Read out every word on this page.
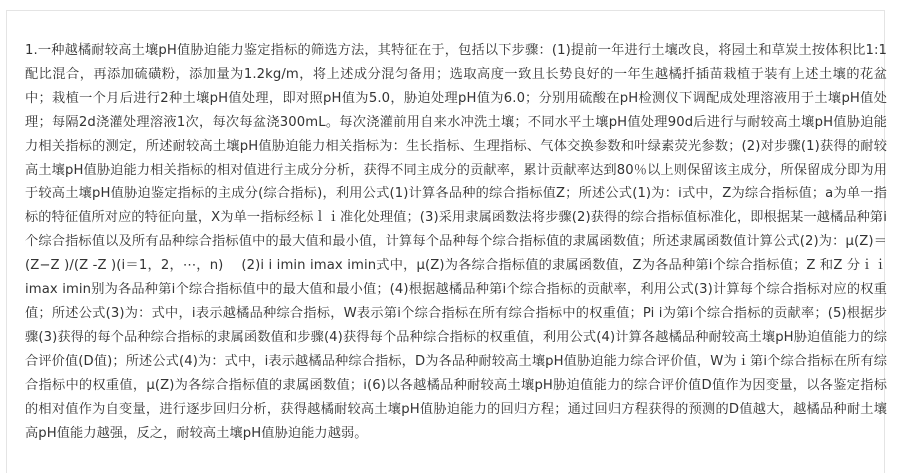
1.一种越橘耐较高土壤pH值胁迫能力鉴定指标的筛选方法，其特征在于，包括以下步骤：(1)提前一年进行土壤改良，将园土和草炭土按体积比1:1配比混合，再添加硫磺粉，添加量为1.2kg/m，将上述成分混匀备用；选取高度一致且长势良好的一年生越橘扦插苗栽植于装有上述土壤的花盆中；栽植一个月后进行2种土壤pH值处理，即对照pH值为5.0，胁迫处理pH值为6.0；分别用硫酸在pH检测仪下调配成处理溶液用于土壤pH值处理；每隔2d浇灌处理溶液1次，每次每盆浇300mL。每次浇灌前用自来水冲洗土壤；不同水平土壤pH值处理90d后进行与耐较高土壤pH值胁迫能力相关指标的测定，所述耐较高土壤pH值胁迫能力相关指标为：生长指标、生理指标、气体交换参数和叶绿素荧光参数；(2)对步骤(1)获得的耐较高土壤pH值胁迫能力相关指标的相对值进行主成分分析，获得不同主成分的贡献率，累计贡献率达到80％以上则保留该主成分，所保留成分即为用于较高土壤pH值胁迫鉴定指标的主成分(综合指标)，利用公式(1)计算各品种的综合指标值Z；所述公式(1)为：i式中，Z为综合指标值；a为单一指标的特征值所对应的特征向量，X为单一指标经标ｌｉ准化处理值；(3)采用隶属函数法将步骤(2)获得的综合指标值标准化，即根据某一越橘品种第i个综合指标值以及所有品种综合指标值中的最大值和最小值，计算每个品种每个综合指标值的隶属函数值；所述隶属函数值计算公式(2)为：μ(Z)＝(Z−Z )/(Z -Z )(i＝1，2，⋯，n)　 (2)i i imin imax imin式中，μ(Z)为各综合指标值的隶属函数值，Z为各品种第i个综合指标值；Z 和Z 分ｉｉimax imin别为各品种第i个综合指标值中的最大值和最小值；(4)根据越橘品种第i个综合指标的贡献率，利用公式(3)计算每个综合指标对应的权重值；所述公式(3)为：式中，i表示越橘品种综合指标，W表示第i个综合指标在所有综合指标中的权重值；Pi i为第i个综合指标的贡献率；(5)根据步骤(3)获得的每个品种综合指标的隶属函数值和步骤(4)获得每个品种综合指标的权重值，利用公式(4)计算各越橘品种耐较高土壤pH胁迫值能力的综合评价值(D值)；所述公式(4)为：式中，i表示越橘品种综合指标，D为各品种耐较高土壤pH值胁迫能力综合评价值，W为ｉ第i个综合指标在所有综合指标中的权重值，μ(Z)为各综合指标值的隶属函数值；i(6)以各越橘品种耐较高土壤pH胁迫值能力的综合评价值D值作为因变量，以各鉴定指标的相对值作为自变量，进行逐步回归分析，获得越橘耐较高土壤pH值胁迫能力的回归方程；通过回归方程获得的预测的D值越大，越橘品种耐土壤高pH值能力越强，反之，耐较高土壤pH值胁迫能力越弱。
